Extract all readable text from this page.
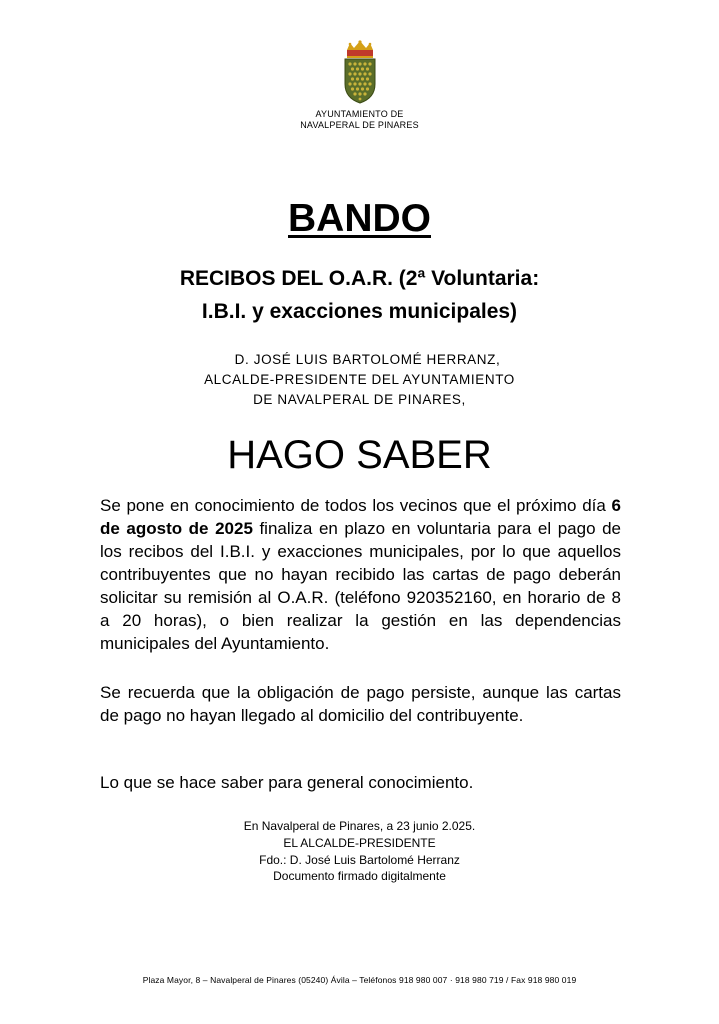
AYUNTAMIENTO DE
NAVALPERAL DE PINARES
BANDO
RECIBOS DEL O.A.R. (2ª Voluntaria:
I.B.I. y exacciones municipales)
D. JOSÉ LUIS BARTOLOMÉ HERRANZ,
ALCALDE-PRESIDENTE DEL AYUNTAMIENTO
DE NAVALPERAL DE PINARES,
HAGO SABER
Se pone en conocimiento de todos los vecinos que el próximo día 6 de agosto de 2025 finaliza en plazo en voluntaria para el pago de los recibos del I.B.I. y exacciones municipales, por lo que aquellos contribuyentes que no hayan recibido las cartas de pago deberán solicitar su remisión al O.A.R. (teléfono 920352160, en horario de 8 a 20 horas), o bien realizar la gestión en las dependencias municipales del Ayuntamiento.
Se recuerda que la obligación de pago persiste, aunque las cartas de pago no hayan llegado al domicilio del contribuyente.
Lo que se hace saber para general conocimiento.
En Navalperal de Pinares, a 23 junio 2.025.
EL ALCALDE-PRESIDENTE
Fdo.: D. José Luis Bartolomé Herranz
Documento firmado digitalmente
Plaza Mayor, 8 – Navalperal de Pinares (05240) Ávila – Teléfonos 918 980 007 · 918 980 719 / Fax 918 980 019
